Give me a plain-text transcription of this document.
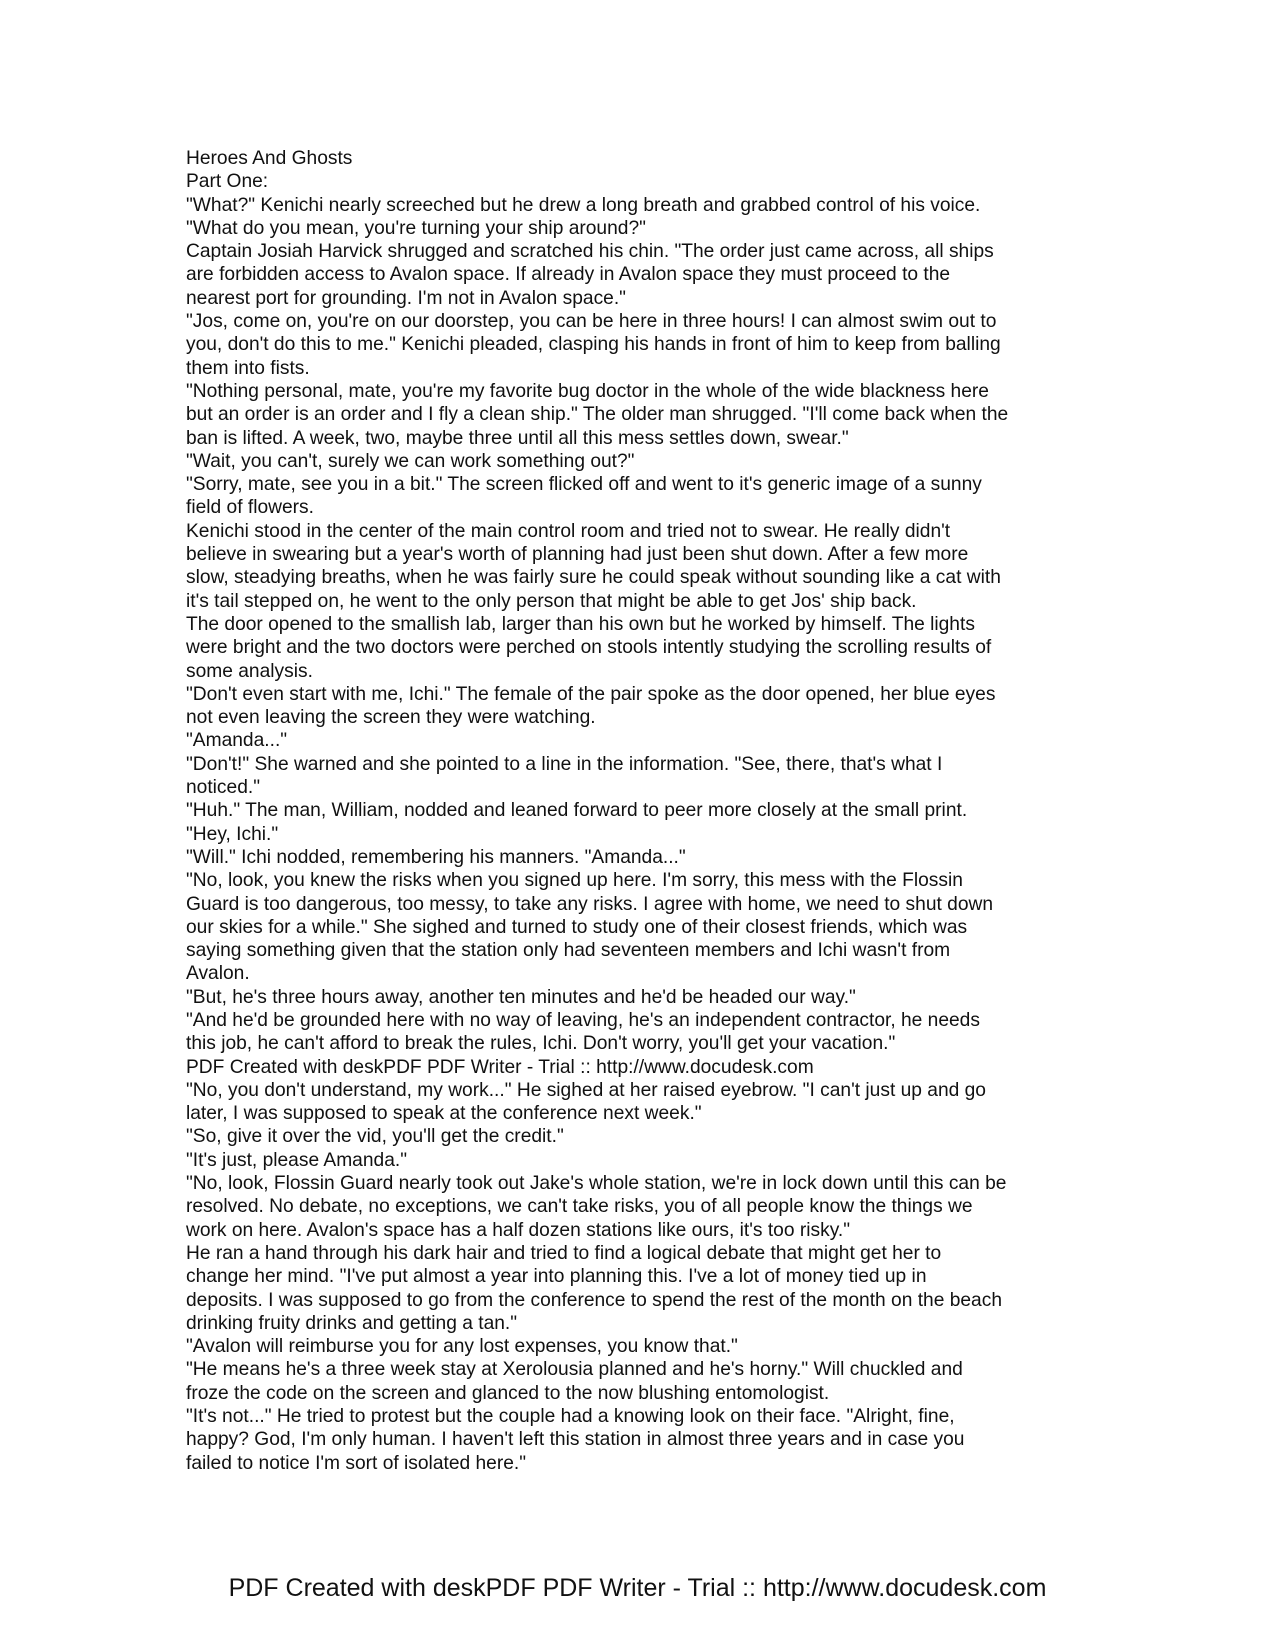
Heroes And Ghosts
Part One:
"What?" Kenichi nearly screeched but he drew a long breath and grabbed control of his voice.
"What do you mean, you're turning your ship around?"
Captain Josiah Harvick shrugged and scratched his chin. "The order just came across, all ships
are forbidden access to Avalon space. If already in Avalon space they must proceed to the
nearest port for grounding. I'm not in Avalon space."
"Jos, come on, you're on our doorstep, you can be here in three hours! I can almost swim out to
you, don't do this to me." Kenichi pleaded, clasping his hands in front of him to keep from balling
them into fists.
"Nothing personal, mate, you're my favorite bug doctor in the whole of the wide blackness here
but an order is an order and I fly a clean ship." The older man shrugged. "I'll come back when the
ban is lifted. A week, two, maybe three until all this mess settles down, swear."
"Wait, you can't, surely we can work something out?"
"Sorry, mate, see you in a bit." The screen flicked off and went to it's generic image of a sunny
field of flowers.
Kenichi stood in the center of the main control room and tried not to swear. He really didn't
believe in swearing but a year's worth of planning had just been shut down. After a few more
slow, steadying breaths, when he was fairly sure he could speak without sounding like a cat with
it's tail stepped on, he went to the only person that might be able to get Jos' ship back.
The door opened to the smallish lab, larger than his own but he worked by himself. The lights
were bright and the two doctors were perched on stools intently studying the scrolling results of
some analysis.
"Don't even start with me, Ichi." The female of the pair spoke as the door opened, her blue eyes
not even leaving the screen they were watching.
"Amanda..."
"Don't!" She warned and she pointed to a line in the information. "See, there, that's what I
noticed."
"Huh." The man, William, nodded and leaned forward to peer more closely at the small print.
"Hey, Ichi."
"Will." Ichi nodded, remembering his manners. "Amanda..."
"No, look, you knew the risks when you signed up here. I'm sorry, this mess with the Flossin
Guard is too dangerous, too messy, to take any risks. I agree with home, we need to shut down
our skies for a while." She sighed and turned to study one of their closest friends, which was
saying something given that the station only had seventeen members and Ichi wasn't from
Avalon.
"But, he's three hours away, another ten minutes and he'd be headed our way."
"And he'd be grounded here with no way of leaving, he's an independent contractor, he needs
this job, he can't afford to break the rules, Ichi. Don't worry, you'll get your vacation."
PDF Created with deskPDF PDF Writer - Trial :: http://www.docudesk.com
"No, you don't understand, my work..." He sighed at her raised eyebrow. "I can't just up and go
later, I was supposed to speak at the conference next week."
"So, give it over the vid, you'll get the credit."
"It's just, please Amanda."
"No, look, Flossin Guard nearly took out Jake's whole station, we're in lock down until this can be
resolved. No debate, no exceptions, we can't take risks, you of all people know the things we
work on here. Avalon's space has a half dozen stations like ours, it's too risky."
He ran a hand through his dark hair and tried to find a logical debate that might get her to
change her mind. "I've put almost a year into planning this. I've a lot of money tied up in
deposits. I was supposed to go from the conference to spend the rest of the month on the beach
drinking fruity drinks and getting a tan."
"Avalon will reimburse you for any lost expenses, you know that."
"He means he's a three week stay at Xerolousia planned and he's horny." Will chuckled and
froze the code on the screen and glanced to the now blushing entomologist.
"It's not..." He tried to protest but the couple had a knowing look on their face. "Alright, fine,
happy? God, I'm only human. I haven't left this station in almost three years and in case you
failed to notice I'm sort of isolated here."
PDF Created with deskPDF PDF Writer - Trial :: http://www.docudesk.com
